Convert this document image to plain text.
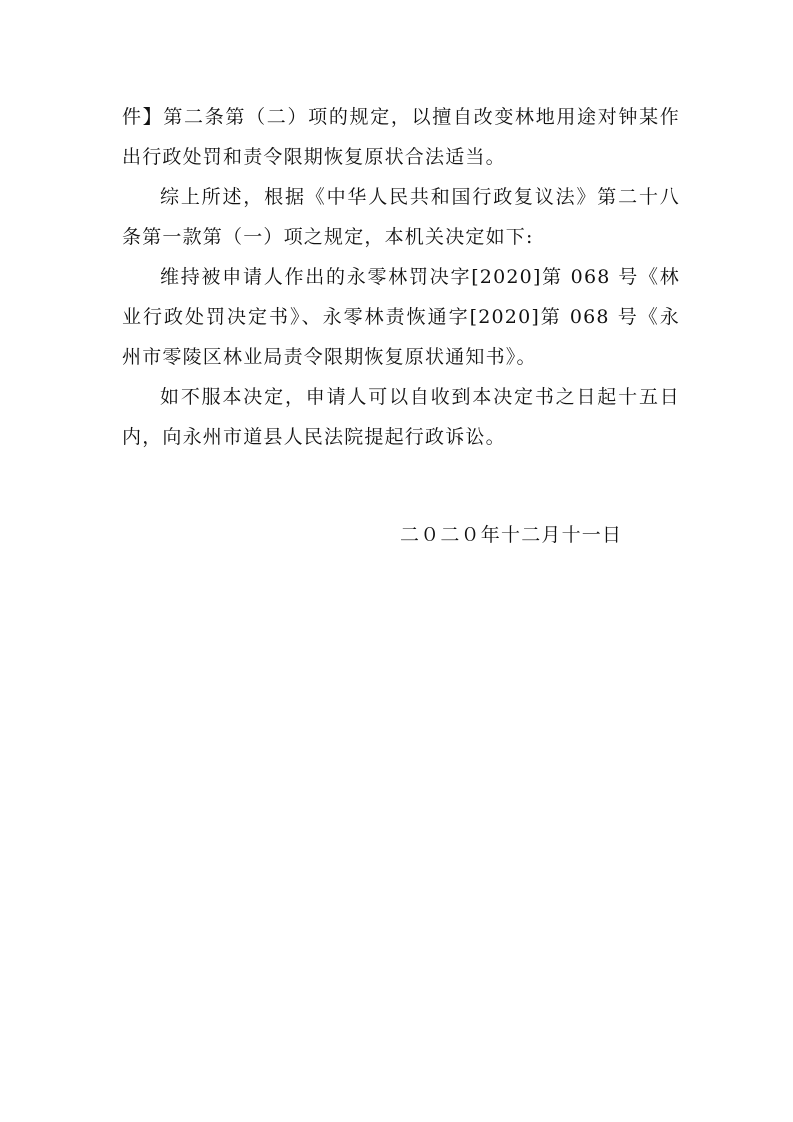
件】第二条第（二）项的规定，以擅自改变林地用途对钟某作出行政处罚和责令限期恢复原状合法适当。

综上所述，根据《中华人民共和国行政复议法》第二十八条第一款第（一）项之规定，本机关决定如下:

维持被申请人作出的永零林罚决字[2020]第 068 号《林业行政处罚决定书》、永零林责恢通字[2020]第 068 号《永州市零陵区林业局责令限期恢复原状通知书》。

如不服本决定，申请人可以自收到本决定书之日起十五日内，向永州市道县人民法院提起行政诉讼。

二０二０年十二月十一日
